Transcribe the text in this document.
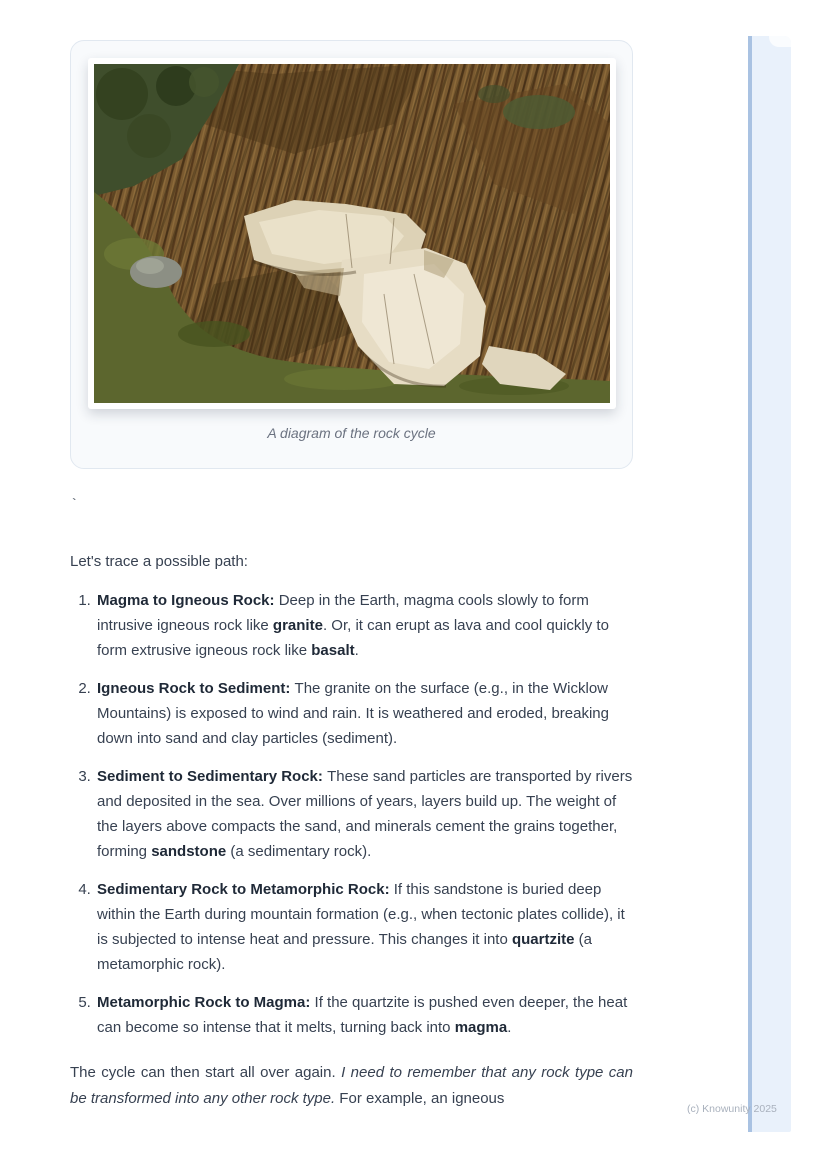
A diagram of the rock cycle
`

Let's trace a possible path:

1. Magma to Igneous Rock: Deep in the Earth, magma cools slowly to form intrusive igneous rock like granite. Or, it can erupt as lava and cool quickly to form extrusive igneous rock like basalt.
2. Igneous Rock to Sediment: The granite on the surface (e.g., in the Wicklow Mountains) is exposed to wind and rain. It is weathered and eroded, breaking down into sand and clay particles (sediment).
3. Sediment to Sedimentary Rock: These sand particles are transported by rivers and deposited in the sea. Over millions of years, layers build up. The weight of the layers above compacts the sand, and minerals cement the grains together, forming sandstone (a sedimentary rock).
4. Sedimentary Rock to Metamorphic Rock: If this sandstone is buried deep within the Earth during mountain formation (e.g., when tectonic plates collide), it is subjected to intense heat and pressure. This changes it into quartzite (a metamorphic rock).
5. Metamorphic Rock to Magma: If the quartzite is pushed even deeper, the heat can become so intense that it melts, turning back into magma.

The cycle can then start all over again. I need to remember that any rock type can be transformed into any other rock type. For example, an igneous

(c) Knowunity 2025
